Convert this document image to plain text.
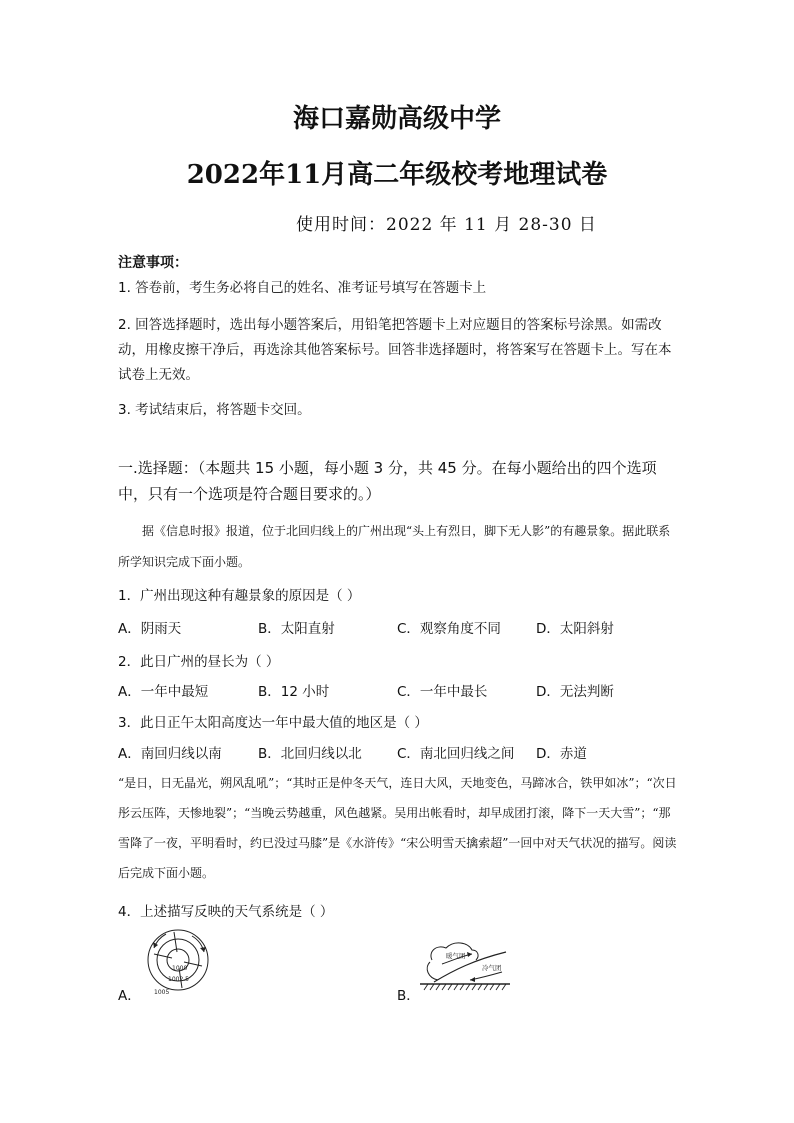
海口嘉勋高级中学
2022年11月高二年级校考地理试卷
使用时间：2022 年 11 月 28-30 日
注意事项：
1. 答卷前，考生务必将自己的姓名、准考证号填写在答题卡上
2. 回答选择题时，选出每小题答案后，用铅笔把答题卡上对应题目的答案标号涂黑。如需改动，用橡皮擦干净后，再选涂其他答案标号。回答非选择题时，将答案写在答题卡上。写在本试卷上无效。
3. 考试结束后，将答题卡交回。
一.选择题：（本题共 15 小题，每小题 3 分，共 45 分。在每小题给出的四个选项中，只有一个选项是符合题目要求的。）
据《信息时报》报道，位于北回归线上的广州出现“头上有烈日，脚下无人影”的有趣景象。据此联系所学知识完成下面小题。
1．广州出现这种有趣景象的原因是（ ）
A．阴雨天	B．太阳直射	C．观察角度不同	D．太阳斜射
2．此日广州的昼长为（ ）
A．一年中最短	B．12 小时	C．一年中最长	D．无法判断
3．此日正午太阳高度达一年中最大值的地区是（ ）
A．南回归线以南	B．北回归线以北	C．南北回归线之间 D．赤道
“是日，日无晶光，朔风乱吼”；“其时正是仲冬天气，连日大风，天地变色，马蹄冰合，铁甲如冰”；“次日彤云压阵，天惨地裂”；“当晚云势越重，风色越紧。吴用出帐看时，却早成团打滚，降下一天大雪”；“那雪降了一夜，平明看时，约已没过马膝”是《水浒传》“宋公明雪天擒索超”一回中对天气状况的描写。阅读后完成下面小题。
4．上述描写反映的天气系统是（ ）
1000
1002.5
1005
A．
暖气团
冷气团
B．
